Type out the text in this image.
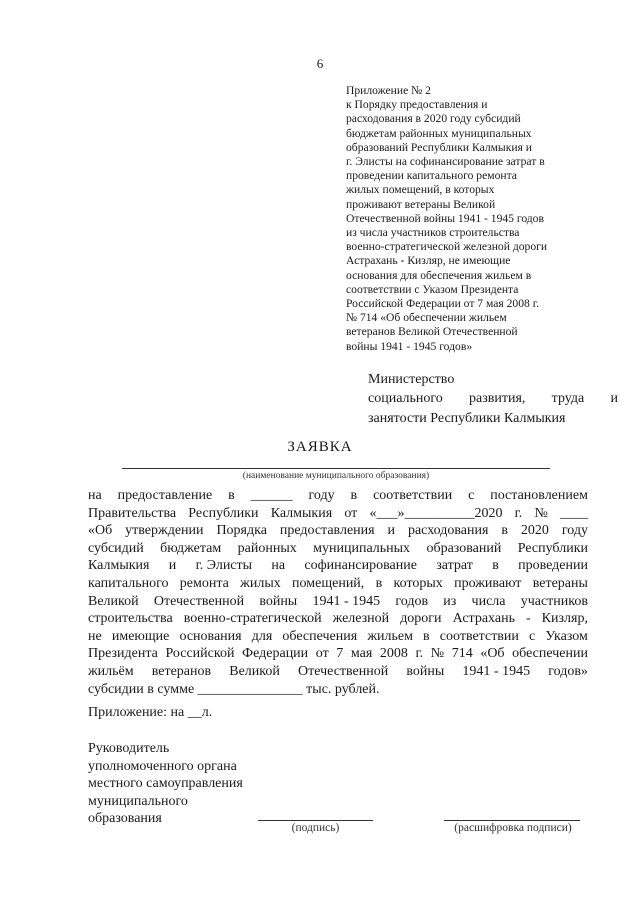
6
Приложение № 2
к Порядку предоставления и
расходования в 2020 году субсидий
бюджетам районных муниципальных
образований Республики Калмыкия и
г. Элисты на софинансирование затрат в
проведении капитального ремонта
жилых помещений, в которых
проживают ветераны Великой
Отечественной войны 1941 - 1945 годов
из числа участников строительства
военно-стратегической железной дороги
Астрахань - Кизляр, не имеющие
основания для обеспечения жильем в
соответствии с Указом Президента
Российской Федерации от 7 мая 2008 г.
№ 714 «Об обеспечении жильем
ветеранов Великой Отечественной
войны 1941 - 1945 годов»
Министерство
социального развития, труда и
занятости Республики Калмыкия
ЗАЯВКА
(наименование муниципального образования)
на предоставление в ______ году в соответствии с постановлением
Правительства Республики Калмыкия от «___»__________2020 г. № ____
«Об утверждении Порядка предоставления и расходования в 2020 году
субсидий бюджетам районных муниципальных образований Республики
Калмыкия и г. Элисты на софинансирование затрат в проведении
капитального ремонта жилых помещений, в которых проживают ветераны
Великой Отечественной войны 1941 - 1945 годов из числа участников
строительства военно-стратегической железной дороги Астрахань - Кизляр,
не имеющие основания для обеспечения жильем в соответствии с Указом
Президента Российской Федерации от 7 мая 2008 г. № 714 «Об обеспечении
жильём ветеранов Великой Отечественной войны 1941 - 1945 годов»
субсидии в сумме _______________ тыс. рублей.
Приложение: на __л.
Руководитель
уполномоченного органа
местного самоуправления
муниципального
образования
(подпись)	(расшифровка подписи)
